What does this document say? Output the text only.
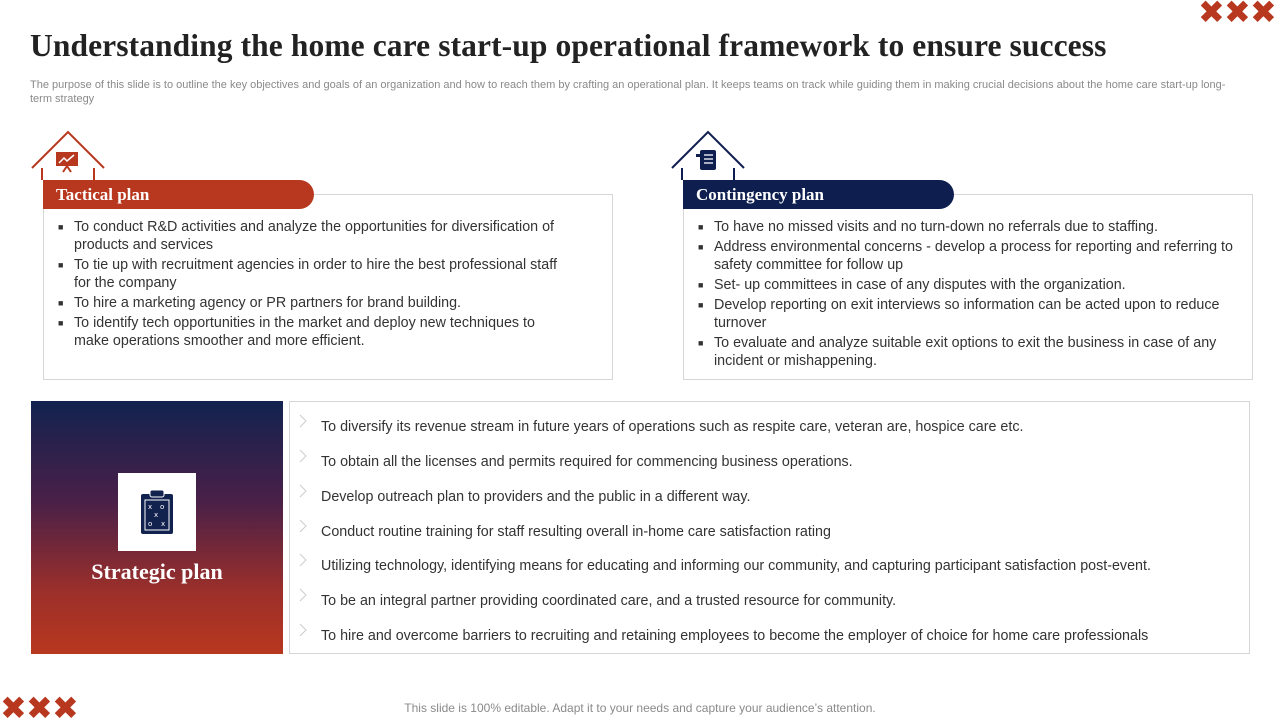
✖ ✖ ✖
✖ ✖ ✖
Understanding the home care start-up operational framework to ensure success

The purpose of this slide is to outline the key objectives and goals of an organization and how to reach them by crafting an operational plan. It keeps teams on track while guiding them in making crucial decisions about the home care start-up long-term strategy

■ To conduct R&D activities and analyze the opportunities for diversification of products and services
■ To tie up with recruitment agencies in order to hire the best professional staff for the company
■ To hire a marketing agency or PR partners for brand building.
■ To identify tech opportunities in the market and deploy new techniques to make operations smoother and more efficient.
Tactical plan
■ To have no missed visits and no turn-down no referrals due to staffing.
■ Address environmental concerns - develop a process for reporting and referring to safety committee for follow up
■ Set- up committees in case of any disputes with the organization.
■ Develop reporting on exit interviews so information can be acted upon to reduce turnover
■ To evaluate and analyze suitable exit options to exit the business in case of any incident or mishappening.
Contingency plan
x o
x
o x
Strategic plan
To diversify its revenue stream in future years of operations such as respite care, veteran are, hospice care etc.
To obtain all the licenses and permits required for commencing business operations.
Develop outreach plan to providers and the public in a different way.
Conduct routine training for staff resulting overall in-home care satisfaction rating
Utilizing technology, identifying means for educating and informing our community, and capturing participant satisfaction post-event.
To be an integral partner providing coordinated care, and a trusted resource for community.
To hire and overcome barriers to recruiting and retaining employees to become the employer of choice for home care professionals
This slide is 100% editable. Adapt it to your needs and capture your audience’s attention.
